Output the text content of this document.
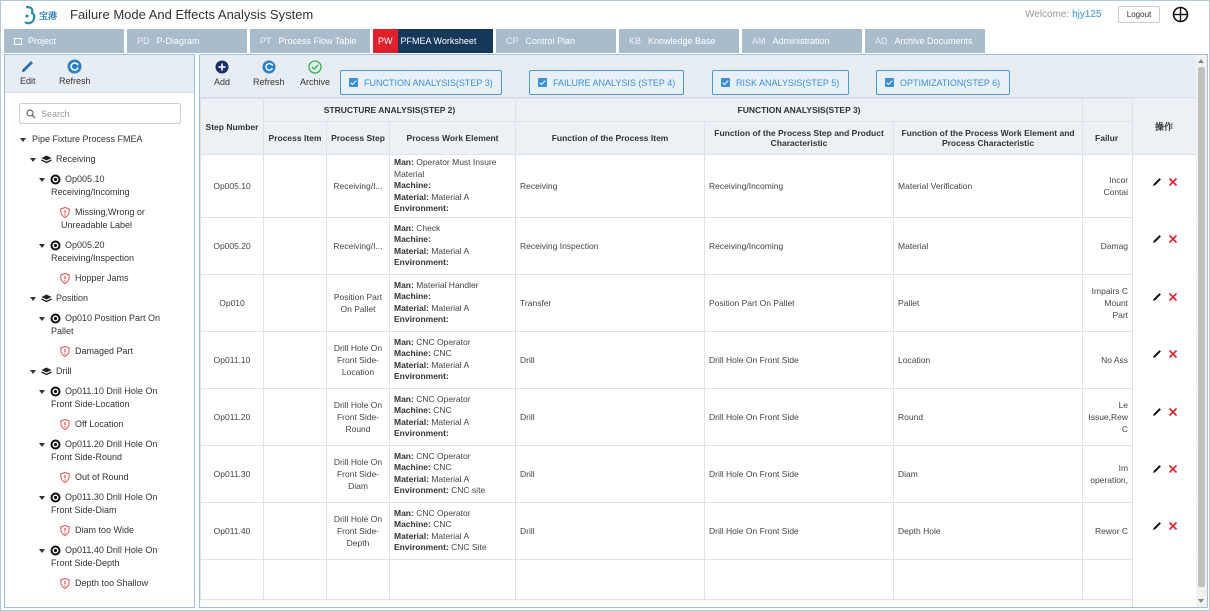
宝港 Failure Mode And Effects Analysis System	Welcome: hjy125	Logout
Project	PD P-Diagram	PT Process Flow Table	PW PFMEA Worksheet	CP Control Plan	KB Knowledge Base	AM Administration	AD Archive Documents
Edit	Refresh
Search
Pipe Fixture Process FMEA
Receiving
Op005.10 Receiving/Incoming
Missing,Wrong or Unreadable Label
Op005.20 Receiving/Inspection
Hopper Jams
Position
Op010 Position Part On Pallet
Damaged Part
Drill
Op011.10 Drill Hole On Front Side-Location
Off Location
Op011.20 Drill Hole On Front Side-Round
Out of Round
Op011.30 Drill Hole On Front Side-Diam
Diam too Wide
Op011.40 Drill Hole On Front Side-Depth
Depth too Shallow
Add	Refresh Archive	FUNCTION ANALYSIS(STEP 3)	FAILURE ANALYSIS (STEP 4)	RISK ANALYSIS(STEP 5)	OPTIMIZATION(STEP 6)
Step Number	STRUCTURE ANALYSIS(STEP 2)			FUNCTION ANALYSIS(STEP 3)			
	Process Item	Process Step	Process Work Element	Function of the Process Item	Function of the Process Step and Product Characteristic	Function of the Process Work Element and Process Characteristic	Failur
Op005.10		Receiving/I...	Man: Operator Must Insure Material
Machine:
Material: Material A
Environment:	Receiving	Receiving/Incoming	Material Verification	Incor Contai
Op005.20		Receiving/I...	Man: Check
Machine:
Material: Material A
Environment:	Receiving Inspection	Receiving/Incoming	Material	Damag
Op010		Position Part On Pallet	Man: Material Handler
Machine:
Material: Material A
Environment:	Transfer	Position Part On Pallet	Pallet	Impairs C Mount Part
Op011.10		Drill Hole On Front Side-Location	Man: CNC Operator
Machine: CNC
Material: Material A
Environment:	Drill	Drill Hole On Front Side	Location	No Ass
Op011.20		Drill Hole On Front Side-Round	Man: CNC Operator
Machine: CNC
Material: Material A
Environment:	Drill	Drill Hole On Front Side	Round	Le Issue,Rew C
Op011.30		Drill Hole On Front Side-Diam	Man: CNC Operator
Machine: CNC
Material: Material A
Environment: CNC site	Drill	Drill Hole On Front Side	Diam	Im operation,
Op011.40		Drill Hole On Front Side-Depth	Man: CNC Operator
Machine: CNC
Material: Material A
Environment: CNC Site	Drill	Drill Hole On Front Side	Depth Hole	Rewor C

操作
